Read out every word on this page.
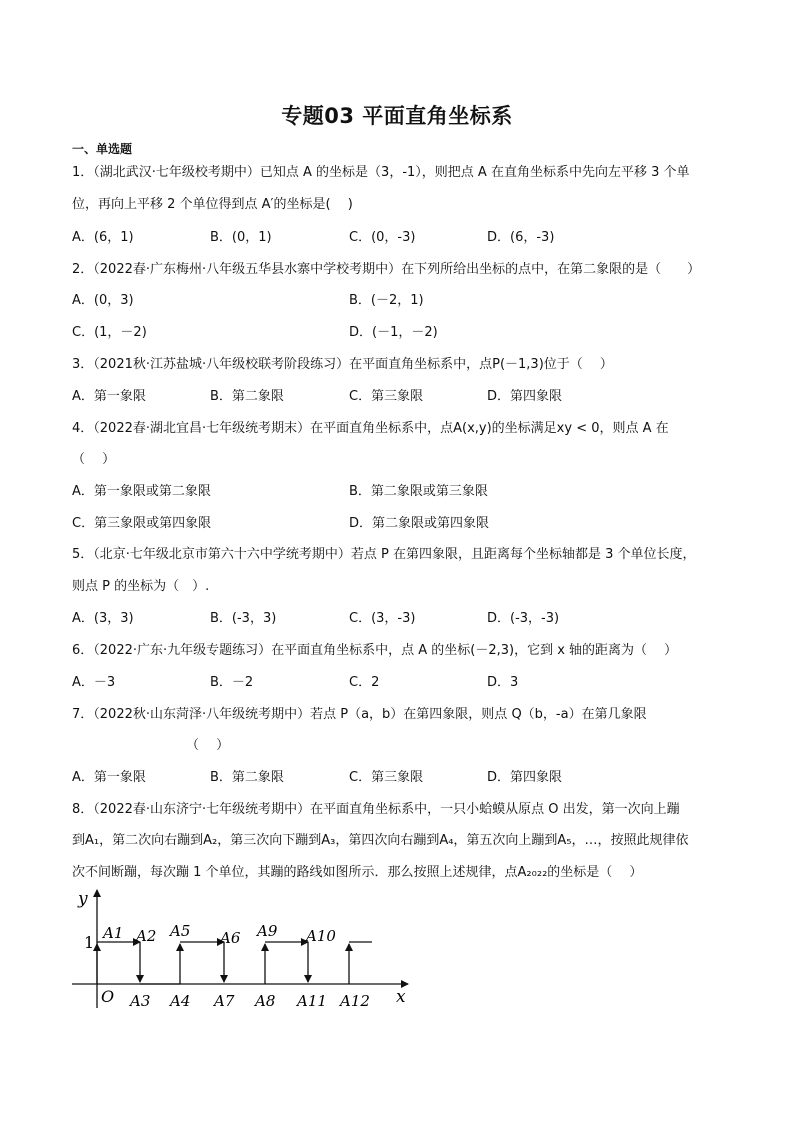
专题03 平面直角坐标系
一、单选题
1．（湖北武汉·七年级校考期中）已知点 A 的坐标是（3，-1），则把点 A 在直角坐标系中先向左平移 3 个单
位，再向上平移 2 个单位得到点 A′的坐标是(　 )
A．(6，1)	B．(0，1)	C．(0，-3)	D．(6，-3)
2．（2022春·广东梅州·八年级五华县水寨中学校考期中）在下列所给出坐标的点中，在第二象限的是（　　）
A．(0，3)	B．(－2，1)
C．(1，－2)	D．(－1，－2)
3．（2021秋·江苏盐城·八年级校联考阶段练习）在平面直角坐标系中，点P(－1,3)位于（　 ）
A．第一象限	B．第二象限	C．第三象限	D．第四象限
4．（2022春·湖北宜昌·七年级统考期末）在平面直角坐标系中，点A(x,y)的坐标满足xy < 0，则点 A 在
（　 ）
A．第一象限或第二象限	B．第二象限或第三象限
C．第三象限或第四象限	D．第二象限或第四象限
5．（北京·七年级北京市第六十六中学统考期中）若点 P 在第四象限，且距离每个坐标轴都是 3 个单位长度，
则点 P 的坐标为（　）.
A．(3，3)	B．(-3，3)	C．(3，-3)	D．(-3，-3)
6．（2022·广东·九年级专题练习）在平面直角坐标系中，点 A 的坐标(－2,3)，它到 x 轴的距离为（　 ）
A．－3	B．－2	C．2	D．3
7．（2022秋·山东菏泽·八年级统考期中）若点 P（a，b）在第四象限，则点 Q（b，-a）在第几象限
（　 ）
A．第一象限	B．第二象限	C．第三象限	D．第四象限
8．（2022春·山东济宁·七年级统考期中）在平面直角坐标系中，一只小蛤蟆从原点 O 出发，第一次向上蹦
到A₁，第二次向右蹦到A₂，第三次向下蹦到A₃，第四次向右蹦到A₄，第五次向上蹦到A₅，…，按照此规律依
次不间断蹦，每次蹦 1 个单位，其蹦的路线如图所示．那么按照上述规律，点A₂₀₂₂的坐标是（　 ）
y
x
O
1 A1 A2 A5 A6 A9 A10
A3 A4 A7 A8 A11 A12
